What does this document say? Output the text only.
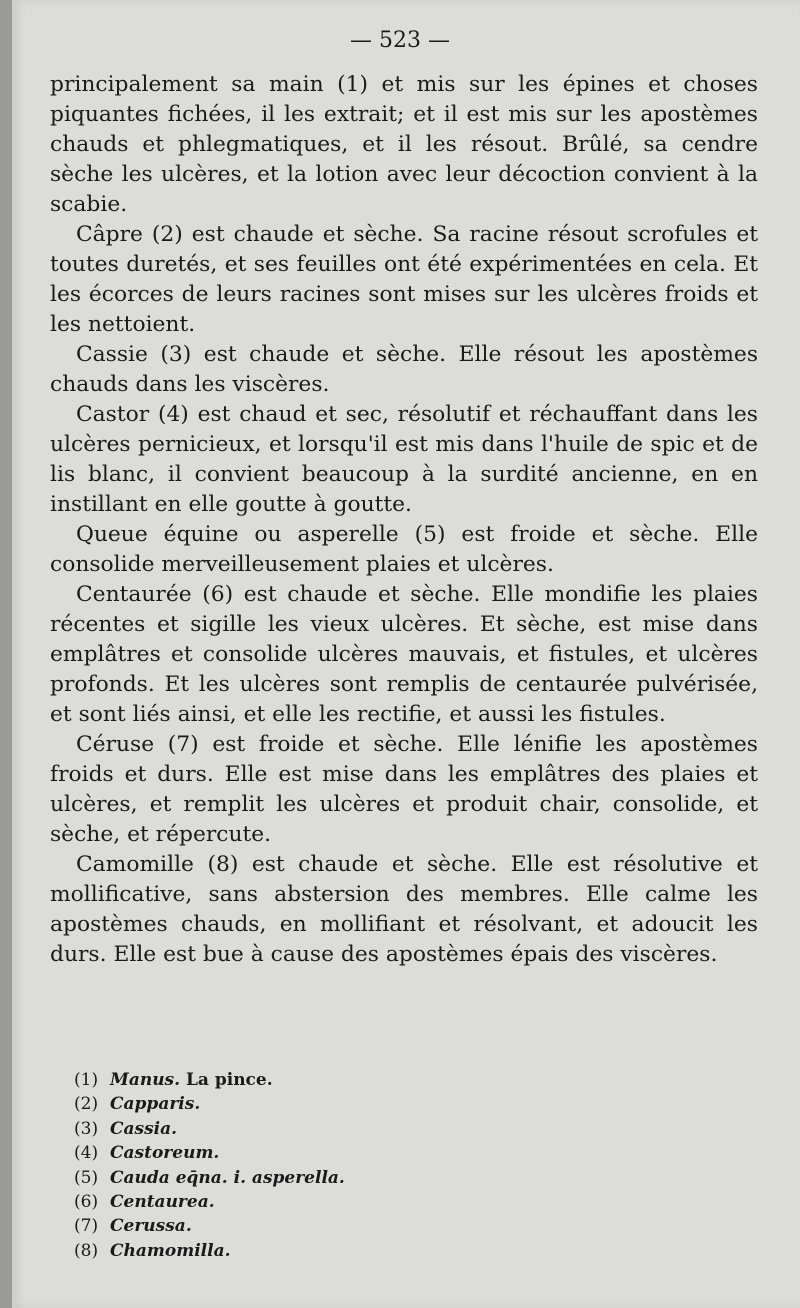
— 523 —

principalement sa main (1) et mis sur les épines et choses piquantes fichées, il les extrait; et il est mis sur les apostèmes chauds et phlegmatiques, et il les résout. Brûlé, sa cendre sèche les ulcères, et la lotion avec leur décoction convient à la scabie.

Câpre (2) est chaude et sèche. Sa racine résout scrofules et toutes duretés, et ses feuilles ont été expérimentées en cela. Et les écorces de leurs racines sont mises sur les ulcères froids et les nettoient.

Cassie (3) est chaude et sèche. Elle résout les apostèmes chauds dans les viscères.

Castor (4) est chaud et sec, résolutif et réchauffant dans les ulcères pernicieux, et lorsqu'il est mis dans l'huile de spic et de lis blanc, il convient beaucoup à la surdité ancienne, en en instillant en elle goutte à goutte.

Queue équine ou asperelle (5) est froide et sèche. Elle consolide merveilleusement plaies et ulcères.

Centaurée (6) est chaude et sèche. Elle mondifie les plaies récentes et sigille les vieux ulcères. Et sèche, est mise dans emplâtres et consolide ulcères mauvais, et fistules, et ulcères profonds. Et les ulcères sont remplis de centaurée pulvérisée, et sont liés ainsi, et elle les rectifie, et aussi les fistules.

Céruse (7) est froide et sèche. Elle lénifie les apostèmes froids et durs. Elle est mise dans les emplâtres des plaies et ulcères, et remplit les ulcères et produit chair, consolide, et sèche, et répercute.

Camomille (8) est chaude et sèche. Elle est résolutive et mollificative, sans abstersion des membres. Elle calme les apostèmes chauds, en mollifiant et résolvant, et adoucit les durs. Elle est bue à cause des apostèmes épais des viscères.

(1) Manus. La pince.
(2) Capparis.
(3) Cassia.
(4) Castoreum.
(5) Cauda eq̄na. i. asperella.
(6) Centaurea.
(7) Cerussa.
(8) Chamomilla.
